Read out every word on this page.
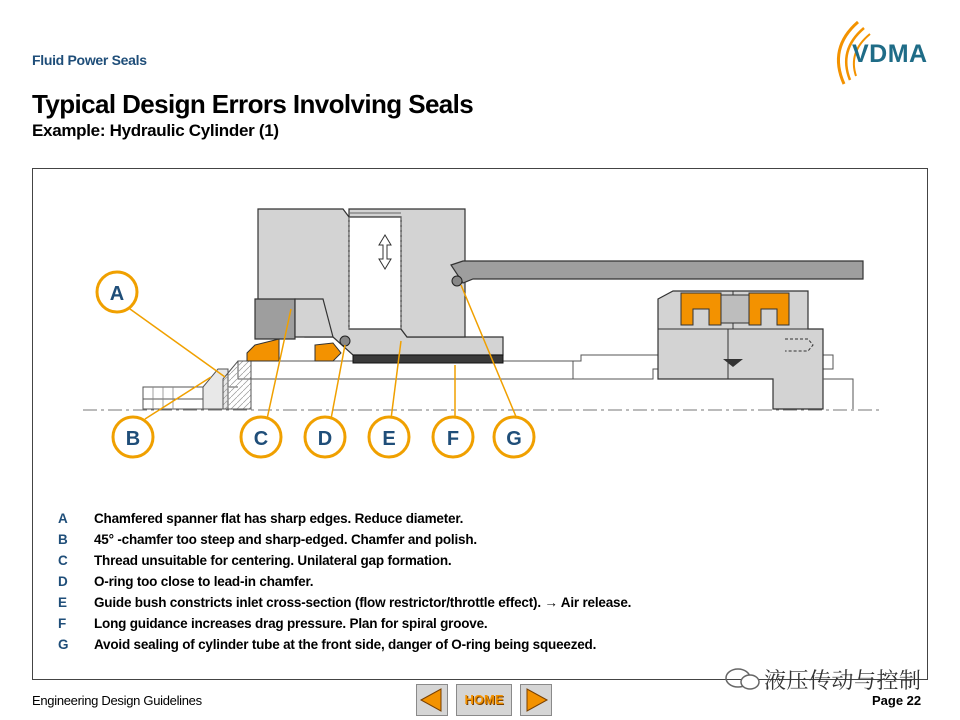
Fluid Power Seals	VDMA
Typical Design Errors Involving Seals
Example: Hydraulic Cylinder (1)
A
B	C D	E	F G
A	Chamfered spanner flat has sharp edges. Reduce diameter.
B	45° -chamfer too steep and sharp-edged. Chamfer and polish.
C	Thread unsuitable for centering. Unilateral gap formation.
D	O-ring too close to lead-in chamfer.
E	Guide bush constricts inlet cross-section (flow restrictor/throttle effect). → Air release.
F	Long guidance increases drag pressure. Plan for spiral groove.
G	Avoid sealing of cylinder tube at the front side, danger of O-ring being squeezed.
液压传动与控制
Engineering Design Guidelines	HOME	Page 22
